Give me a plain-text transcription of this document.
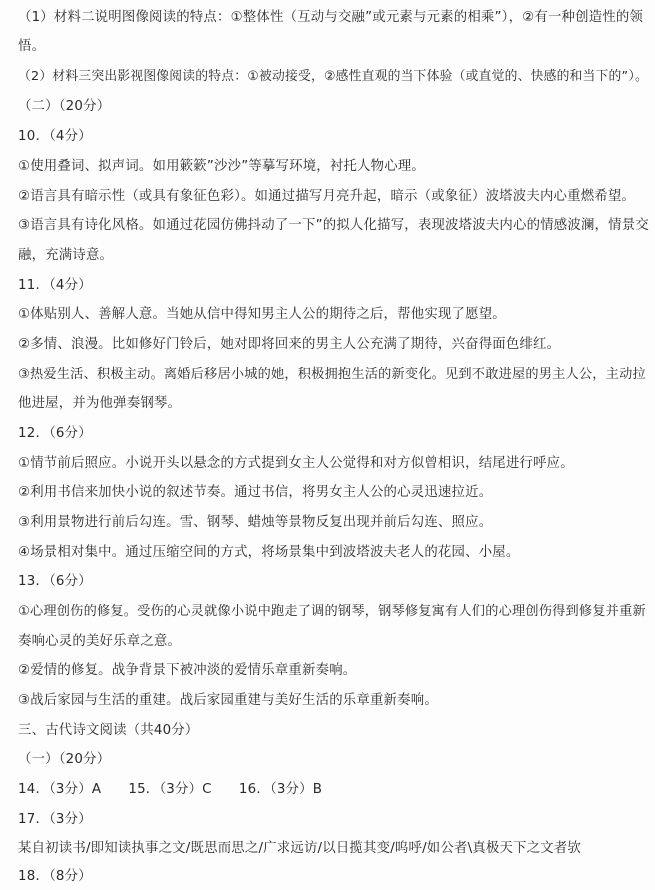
（1）材料二说明图像阅读的特点：①整体性（互动与交融”或元素与元素的相乘”），②有一种创造性的领
悟。
（2）材料三突出影视图像阅读的特点：①被动接受，②感性直观的当下体验（或直觉的、快感的和当下的”）。
（二）（20分）
10．（4分）
①使用叠词、拟声词。如用簌簌”沙沙”等摹写环境，衬托人物心理。
②语言具有暗示性（或具有象征色彩）。如通过描写月亮升起，暗示（或象征）波塔波夫内心重燃希望。
③语言具有诗化风格。如通过花园仿佛抖动了一下”的拟人化描写，表现波塔波夫内心的情感波澜，情景交
融，充满诗意。
11．（4分）
①体贴别人、善解人意。当她从信中得知男主人公的期待之后，帮他实现了愿望。
②多情、浪漫。比如修好门铃后，她对即将回来的男主人公充满了期待，兴奋得面色绯红。
③热爱生活、积极主动。离婚后移居小城的她，积极拥抱生活的新变化。见到不敢进屋的男主人公，主动拉
他进屋，并为他弹奏钢琴。
12．（6分）
①情节前后照应。小说开头以悬念的方式提到女主人公觉得和对方似曾相识，结尾进行呼应。
②利用书信来加快小说的叙述节奏。通过书信，将男女主人公的心灵迅速拉近。
③利用景物进行前后勾连。雪、钢琴、蜡烛等景物反复出现并前后勾连、照应。
④场景相对集中。通过压缩空间的方式，将场景集中到波塔波夫老人的花园、小屋。
13．（6分）
①心理创伤的修复。受伤的心灵就像小说中跑走了调的钢琴，钢琴修复寓有人们的心理创伤得到修复并重新
奏响心灵的美好乐章之意。
②爱情的修复。战争背景下被冲淡的爱情乐章重新奏响。
③战后家园与生活的重建。战后家园重建与美好生活的乐章重新奏响。
三、古代诗文阅读（共40分）
（一）（20分）
14．（3分）A　　15．（3分）C　　16．（3分）B
17．（3分）
某自初读书/即知读执事之文/既思而思之/广求远访/以日揽其变/呜呼/如公者\真极天下之文者欤
18．（8分）
